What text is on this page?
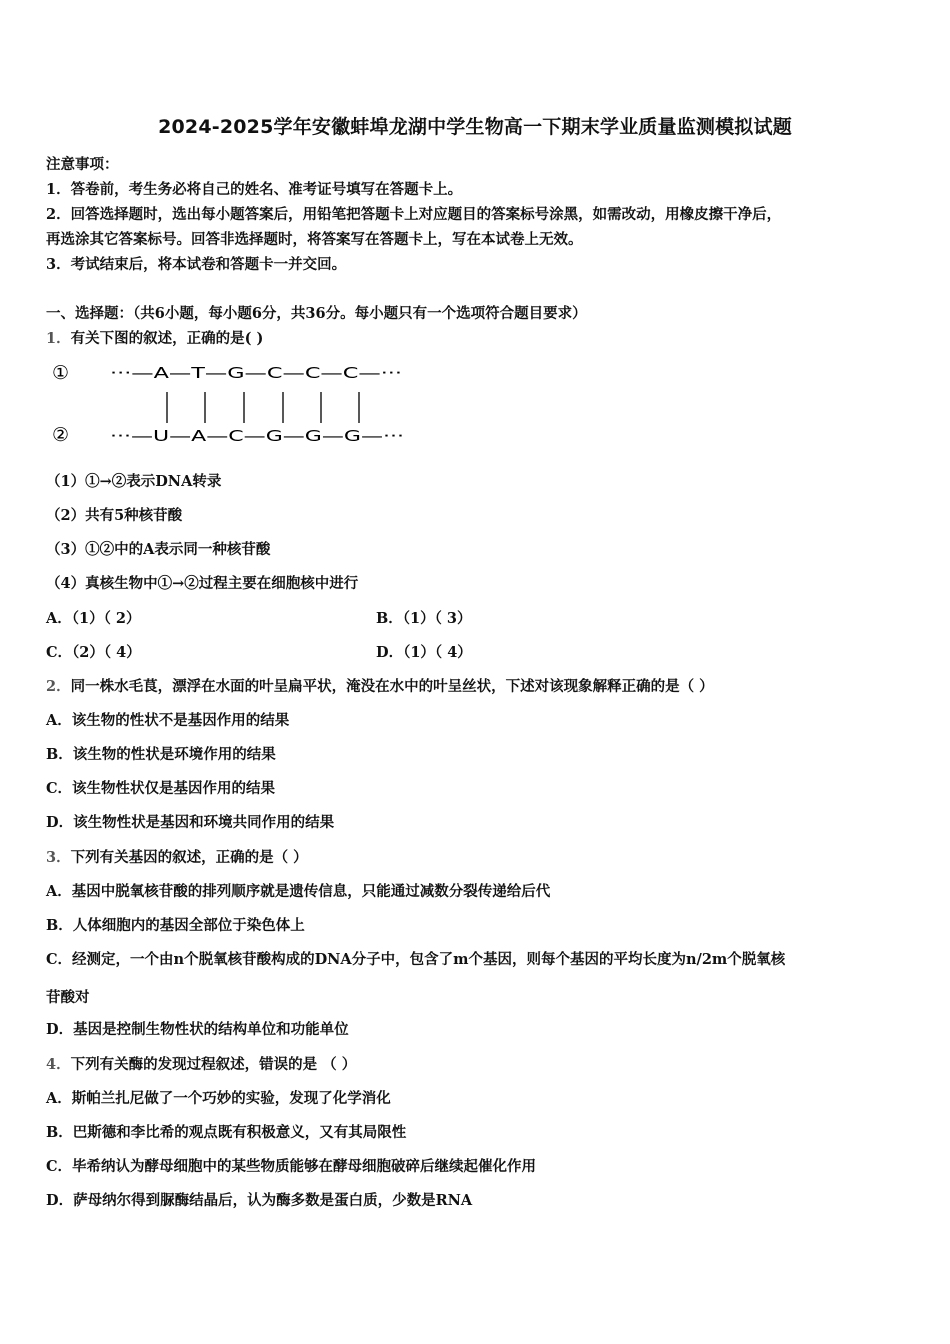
2024-2025学年安徽蚌埠龙湖中学生物高一下期末学业质量监测模拟试题
注意事项：
1．答卷前，考生务必将自己的姓名、准考证号填写在答题卡上。
2．回答选择题时，选出每小题答案后，用铅笔把答题卡上对应题目的答案标号涂黑，如需改动，用橡皮擦干净后，
再选涂其它答案标号。回答非选择题时，将答案写在答题卡上，写在本试卷上无效。
3．考试结束后，将本试卷和答题卡一并交回。
一、选择题：（共6小题，每小题6分，共36分。每小题只有一个选项符合题目要求）
1．有关下图的叙述，正确的是( )
①
②
···—A—T—G—C—C—C—···
···—U—A—C—G—G—G—···
（1）①→②表示DNA转录
（2）共有5种核苷酸
（3）①②中的A表示同一种核苷酸
（4）真核生物中①→②过程主要在细胞核中进行
A．（1）（ 2）	B．（1）（ 3）
C．（2）（ 4）	D．（1）（ 4）
2．同一株水毛茛，漂浮在水面的叶呈扁平状，淹没在水中的叶呈丝状，下述对该现象解释正确的是（ ）
A．该生物的性状不是基因作用的结果
B．该生物的性状是环境作用的结果
C．该生物性状仅是基因作用的结果
D．该生物性状是基因和环境共同作用的结果
3．下列有关基因的叙述，正确的是（ ）
A．基因中脱氧核苷酸的排列顺序就是遗传信息，只能通过减数分裂传递给后代
B．人体细胞内的基因全部位于染色体上
C．经测定，一个由n个脱氧核苷酸构成的DNA分子中，包含了m个基因，则每个基因的平均长度为n/2m个脱氧核
苷酸对
D．基因是控制生物性状的结构单位和功能单位
4．下列有关酶的发现过程叙述，错误的是 （ ）
A．斯帕兰扎尼做了一个巧妙的实验，发现了化学消化
B．巴斯德和李比希的观点既有积极意义，又有其局限性
C．毕希纳认为酵母细胞中的某些物质能够在酵母细胞破碎后继续起催化作用
D．萨母纳尔得到脲酶结晶后，认为酶多数是蛋白质，少数是RNA
